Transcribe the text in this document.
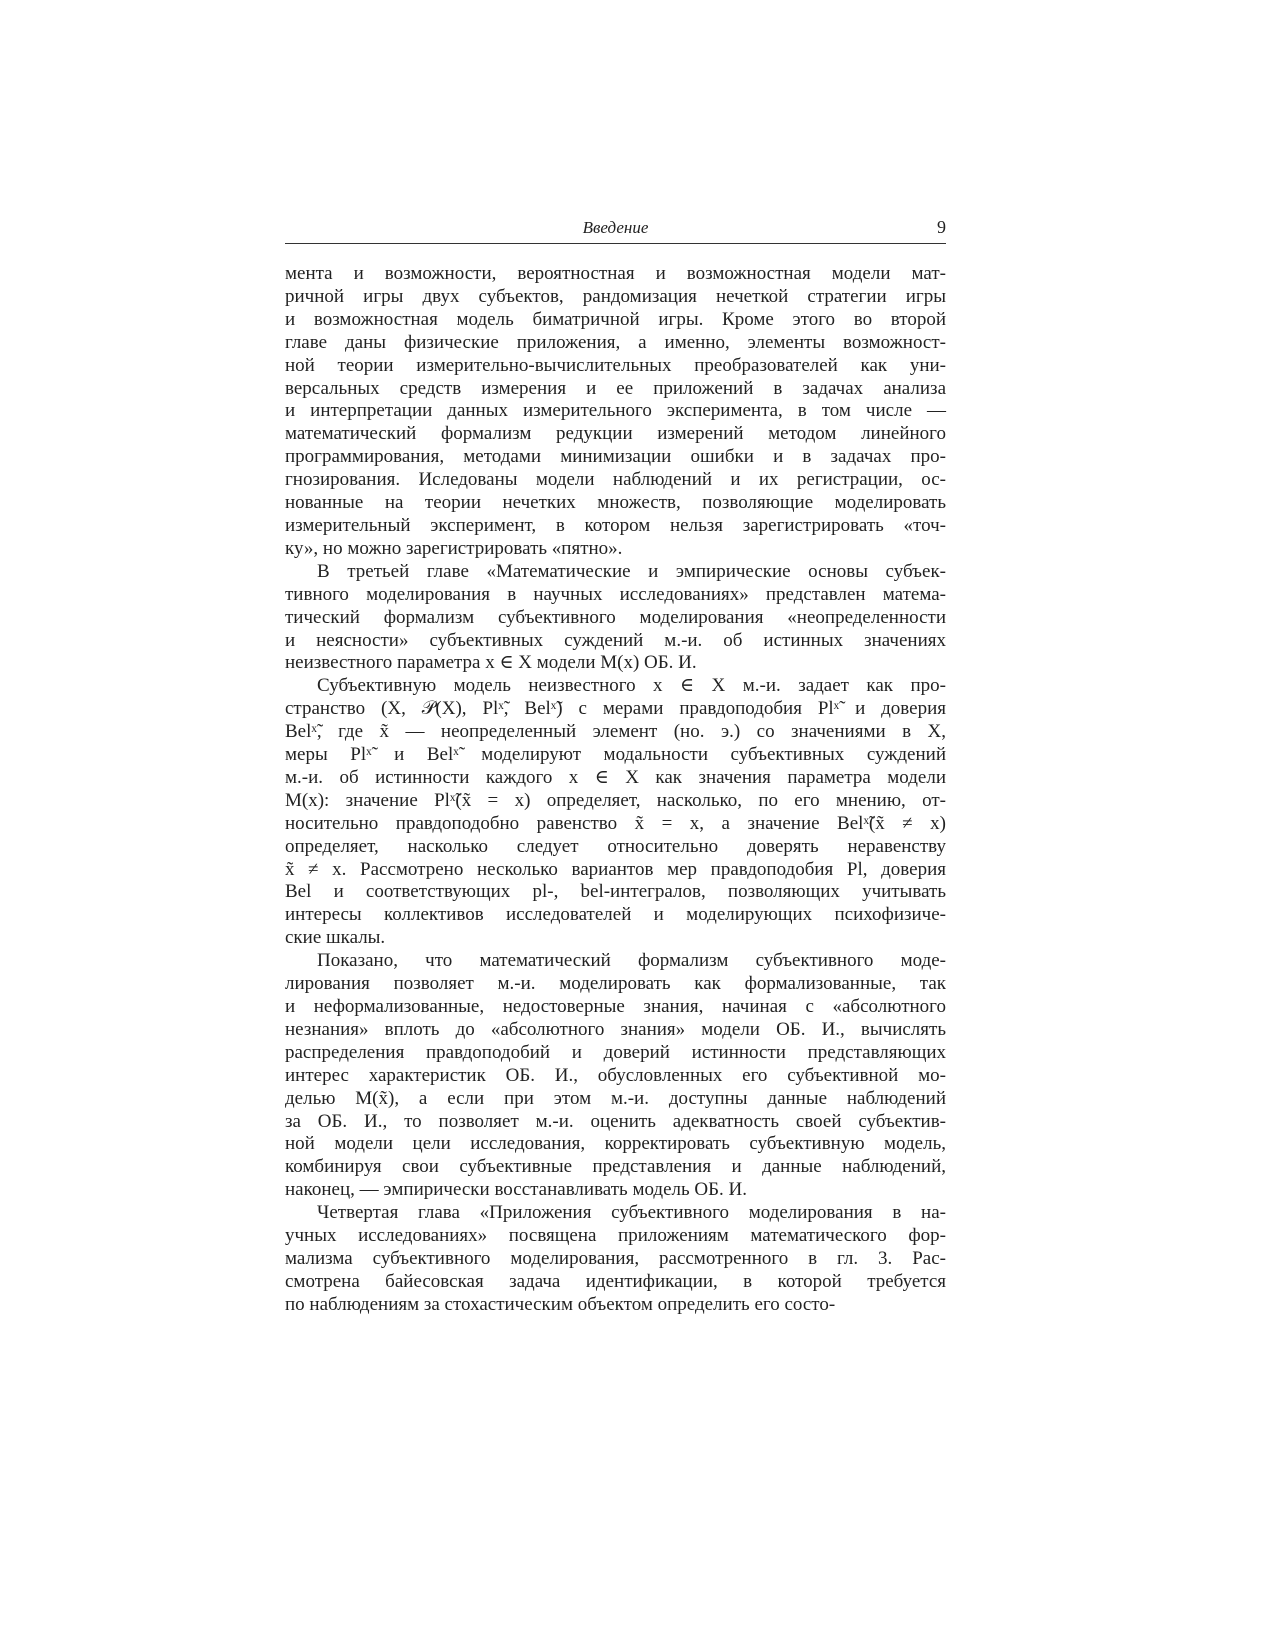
Введение	9

мента и возможности, вероятностная и возможностная модели мат-
ричной игры двух субъектов, рандомизация нечеткой стратегии игры
и возможностная модель биматричной игры. Кроме этого во второй
главе даны физические приложения, а именно, элементы возможност-
ной теории измерительно-вычислительных преобразователей как уни-
версальных средств измерения и ее приложений в задачах анализа
и интерпретации данных измерительного эксперимента, в том числе —
математический формализм редукции измерений методом линейного
программирования, методами минимизации ошибки и в задачах про-
гнозирования. Иследованы модели наблюдений и их регистрации, ос-
нованные на теории нечетких множеств, позволяющие моделировать
измерительный эксперимент, в котором нельзя зарегистрировать «точ-
ку», но можно зарегистрировать «пятно».

В третьей главе «Математические и эмпирические основы субъек-
тивного моделирования в научных исследованиях» представлен матема-
тический формализм субъективного моделирования «неопределенности
и неясности» субъективных суждений м.-и. об истинных значениях
неизвестного параметра x ∈ X модели M(x) ОБ. И.

Субъективную модель неизвестного x ∈ X м.-и. задает как про-
странство (X, 𝒫(X), Plˣ̃, Belˣ̃) с мерами правдоподобия Plˣ̃ и доверия
Belˣ̃, где x̃ — неопределенный элемент (но. э.) со значениями в X,
меры Plˣ̃ и Belˣ̃ моделируют модальности субъективных суждений
м.-и. об истинности каждого x ∈ X как значения параметра модели
M(x): значение Plˣ̃(x̃ = x) определяет, насколько, по его мнению, от-
носительно правдоподобно равенство x̃ = x, а значение Belˣ̃(x̃ ≠ x)
определяет, насколько следует относительно доверять неравенству
x̃ ≠ x. Рассмотрено несколько вариантов мер правдоподобия Pl, доверия
Bel и соответствующих pl-, bel-интегралов, позволяющих учитывать
интересы коллективов исследователей и моделирующих психофизиче-
ские шкалы.

Показано, что математический формализм субъективного моде-
лирования позволяет м.-и. моделировать как формализованные, так
и неформализованные, недостоверные знания, начиная с «абсолютного
незнания» вплоть до «абсолютного знания» модели ОБ. И., вычислять
распределения правдоподобий и доверий истинности представляющих
интерес характеристик ОБ. И., обусловленных его субъективной мо-
делью M(x̃), а если при этом м.-и. доступны данные наблюдений
за ОБ. И., то позволяет м.-и. оценить адекватность своей субъектив-
ной модели цели исследования, корректировать субъективную модель,
комбинируя свои субъективные представления и данные наблюдений,
наконец, — эмпирически восстанавливать модель ОБ. И.

Четвертая глава «Приложения субъективного моделирования в на-
учных исследованиях» посвящена приложениям математического фор-
мализма субъективного моделирования, рассмотренного в гл. 3. Рас-
смотрена байесовская задача идентификации, в которой требуется
по наблюдениям за стохастическим объектом определить его состо-
